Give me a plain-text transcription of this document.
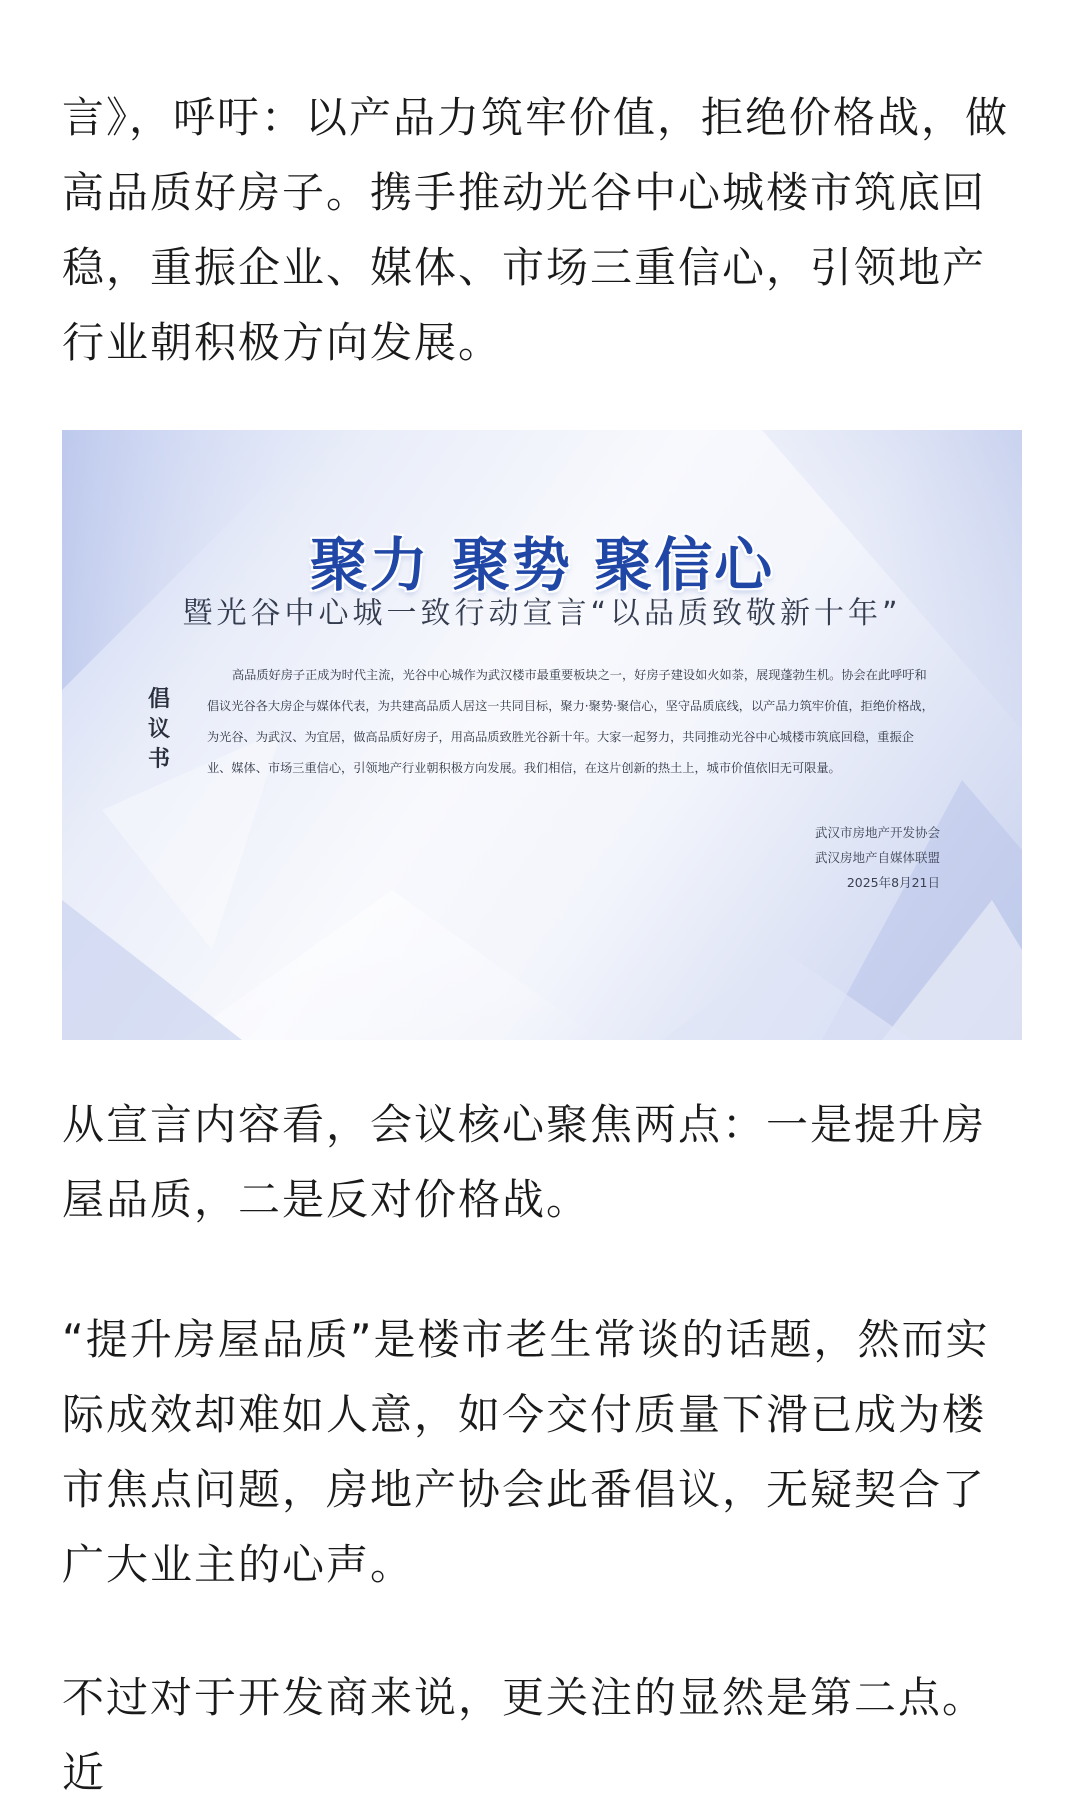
言》，呼吁：以产品力筑牢价值，拒绝价格战，做高品质好房子。携手推动光谷中心城楼市筑底回稳，重振企业、媒体、市场三重信心，引领地产行业朝积极方向发展。

聚力 聚势 聚信心
暨光谷中心城一致行动宣言“以品质致敬新十年”
倡
议
书

高品质好房子正成为时代主流，光谷中心城作为武汉楼市最重要板块之一，好房子建设如火如荼，展现蓬勃生机。协会在此呼吁和倡议光谷各大房企与媒体代表，为共建高品质人居这一共同目标，聚力·聚势·聚信心，坚守品质底线，以产品力筑牢价值，拒绝价格战，为光谷、为武汉、为宜居，做高品质好房子，用高品质致胜光谷新十年。大家一起努力，共同推动光谷中心城楼市筑底回稳，重振企业、媒体、市场三重信心，引领地产行业朝积极方向发展。我们相信，在这片创新的热土上，城市价值依旧无可限量。

武汉市房地产开发协会
武汉房地产自媒体联盟
2025年8月21日

从宣言内容看，会议核心聚焦两点：一是提升房屋品质，二是反对价格战。

“提升房屋品质”是楼市老生常谈的话题，然而实际成效却难如人意，如今交付质量下滑已成为楼市焦点问题，房地产协会此番倡议，无疑契合了广大业主的心声。

不过对于开发商来说，更关注的显然是第二点。近
